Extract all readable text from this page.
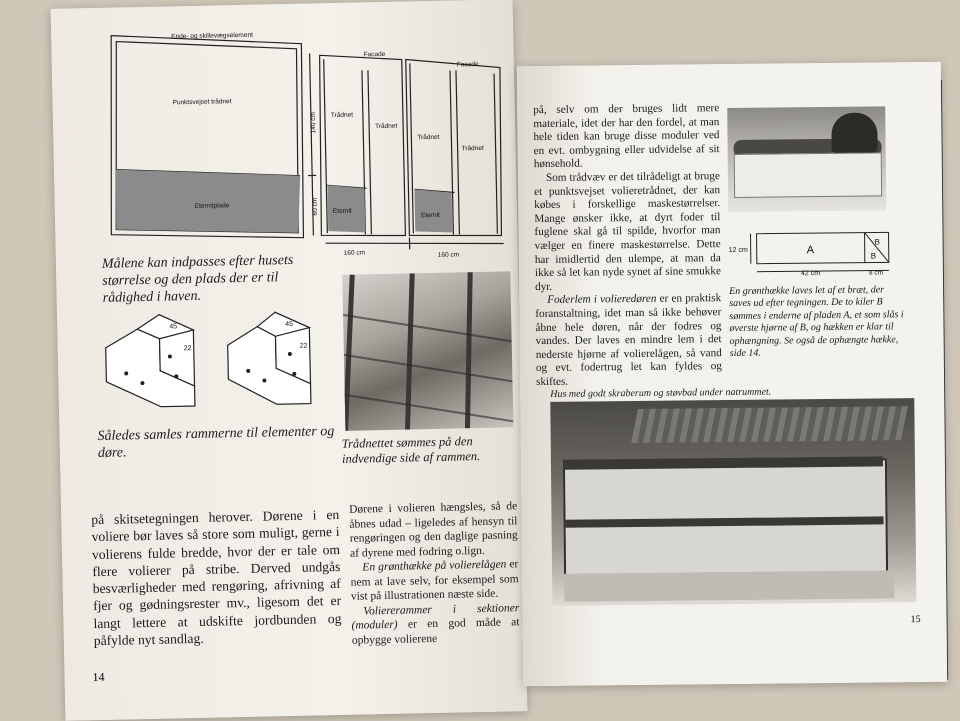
Ende- og skillevægselement
Facade
Facade
Punktsvejset trådnet
Eternitplade
Trådnet
Trådnet
Trådnet
Trådnet
Eternit
Eternit
160 cm	160 cm
140 cm
60 cm

Målene kan indpasses efter husets størrelse og den plads der er til rådighed i haven.

45
22
45
22

Således samles rammerne til elementer og døre.

Trådnettet sømmes på den indvendige side af rammen.

på skitsetegningen herover. Dørene i en voliere bør laves så store som muligt, gerne i volierens fulde bredde, hvor der er tale om flere volierer på stribe. Derved undgås besværligheder med rengøring, afrivning af fjer og gødningsrester mv., ligesom det er langt lettere at udskifte jordbunden og påfylde nyt sandlag.

Dørene i volieren hængsles, så de åbnes udad – ligeledes af hensyn til rengøringen og den daglige pasning af dyrene med fodring o.lign.

En grønthække på volierelågen er nem at lave selv, for eksempel som vist på illustrationen næste side.

Voliererammer i sektioner (moduler) er en god måde at opbygge volierene

14

på, selv om der bruges lidt mere materiale, idet der har den fordel, at man hele tiden kan bruge disse moduler ved en evt. ombygning eller udvidelse af sit hønsehold.

Som trådvæv er det tilrådeligt at bruge et punktsvejset volieretrådnet, der kan købes i forskellige maskestørrelser. Mange ønsker ikke, at dyrt foder til fuglene skal gå til spilde, hvorfor man vælger en finere maskestørrelse. Dette har imidlertid den ulempe, at man da ikke så let kan nyde synet af sine smukke dyr.

Foderlem i volieredøren er en praktisk foranstaltning, idet man så ikke behøver åbne hele døren, når der fodres og vandes. Der laves en mindre lem i det nederste hjørne af volierelågen, så vand og evt. fodertrug let kan fyldes og skiftes.

A
B
B
12 cm
42 cm	8 cm

En grønthække laves let af et bræt, der saves ud efter tegningen. De to kiler B sømmes i enderne af pladen A, et som slås i øverste hjørne af B, og hækken er klar til ophængning. Se også de ophængte hække, side 14.

Hus med godt skraberum og støvbad under natrummet.

15
